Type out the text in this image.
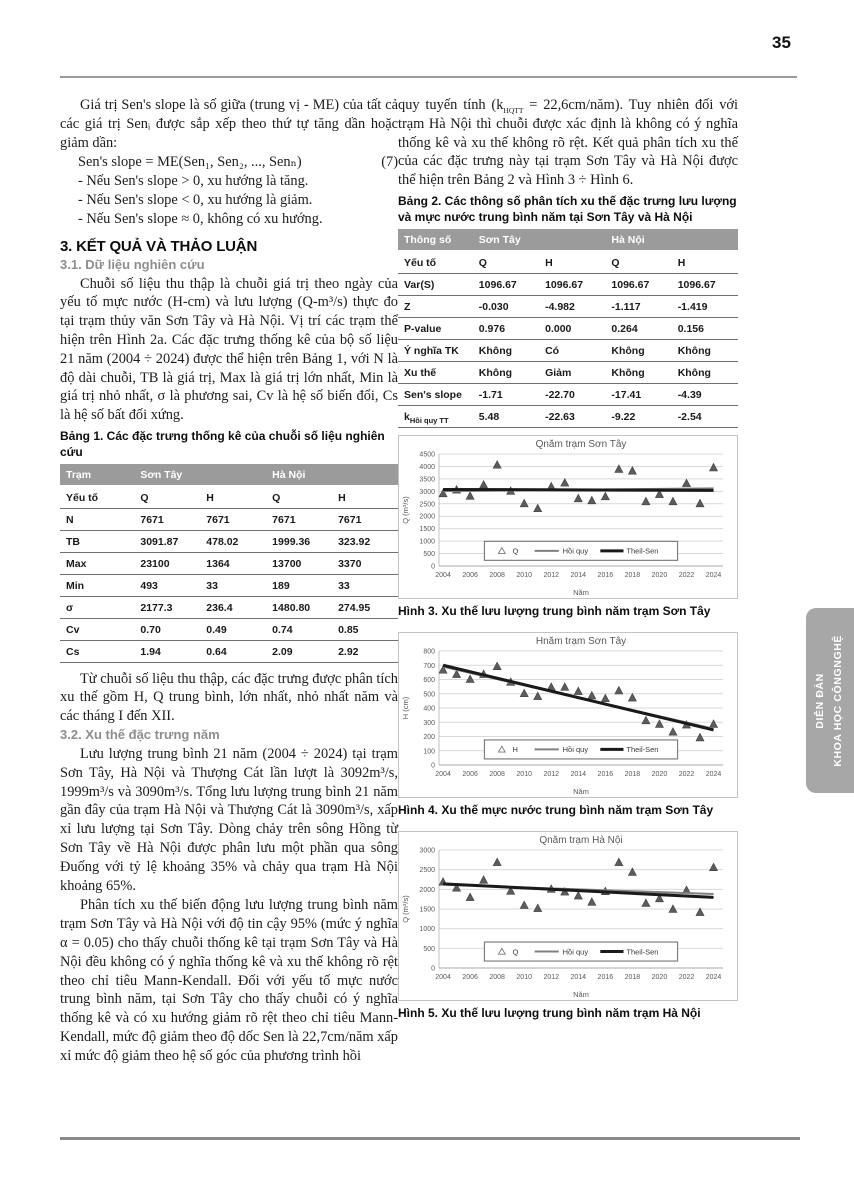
35
DIỄN ĐÀN KHOA HỌC CÔNGNGHỆ

Giá trị Sen's slope là số giữa (trung vị - ME) của tất cả các giá trị Senᵢ được sắp xếp theo thứ tự tăng dần hoặc giảm dần:

Sen's slope = ME(Sen₁, Sen₂, ..., Senₙ)	(7)
- Nếu Sen's slope > 0, xu hướng là tăng.
- Nếu Sen's slope < 0, xu hướng là giảm.
- Nếu Sen's slope ≈ 0, không có xu hướng.
3. KẾT QUẢ VÀ THẢO LUẬN
3.1. Dữ liệu nghiên cứu

Chuỗi số liệu thu thập là chuỗi giá trị theo ngày của yếu tố mực nước (H-cm) và lưu lượng (Q-m³/s) thực đo tại trạm thủy văn Sơn Tây và Hà Nội. Vị trí các trạm thể hiện trên Hình 2a. Các đặc trưng thống kê của bộ số liệu 21 năm (2004 ÷ 2024) được thể hiện trên Bảng 1, với N là độ dài chuỗi, TB là giá trị, Max là giá trị lớn nhất, Min là giá trị nhỏ nhất, σ là phương sai, Cv là hệ số biến đổi, Cs là hệ số bất đối xứng.

Bảng 1. Các đặc trưng thống kê của chuỗi số liệu nghiên cứu
Trạm	Sơn Tây		Hà Nội	
Yếu tố	Q	H	Q	H
N	7671	7671	7671	7671
TB	3091.87	478.02	1999.36	323.92
Max	23100	1364	13700	3370
Min	493	33	189	33
σ	2177.3	236.4	1480.80	274.95
Cv	0.70	0.49	0.74	0.85
Cs	1.94	0.64	2.09	2.92

Từ chuỗi số liệu thu thập, các đặc trưng được phân tích xu thế gồm H, Q trung bình, lớn nhất, nhỏ nhất năm và các tháng I đến XII.

3.2. Xu thế đặc trưng năm

Lưu lượng trung bình 21 năm (2004 ÷ 2024) tại trạm Sơn Tây, Hà Nội và Thượng Cát lần lượt là 3092m³/s, 1999m³/s và 3090m³/s. Tổng lưu lượng trung bình 21 năm gần đây của trạm Hà Nội và Thượng Cát là 3090m³/s, xấp xỉ lưu lượng tại Sơn Tây. Dòng chảy trên sông Hồng từ Sơn Tây về Hà Nội được phân lưu một phần qua sông Đuống với tỷ lệ khoảng 35% và chảy qua trạm Hà Nội khoảng 65%.

Phân tích xu thế biến động lưu lượng trung bình năm trạm Sơn Tây và Hà Nội với độ tin cậy 95% (mức ý nghĩa α = 0.05) cho thấy chuỗi thống kê tại trạm Sơn Tây và Hà Nội đều không có ý nghĩa thống kê và xu thế không rõ rệt theo chỉ tiêu Mann-Kendall. Đối với yếu tố mực nước trung bình năm, tại Sơn Tây cho thấy chuỗi có ý nghĩa thống kê và có xu hướng giảm rõ rệt theo chỉ tiêu Mann-Kendall, mức độ giảm theo độ dốc Sen là 22,7cm/năm xấp xỉ mức độ giảm theo hệ số góc của phương trình hồi

quy tuyến tính ($k_{HQTT}$ = 22,6cm/năm). Tuy nhiên đối với trạm Hà Nội thì chuỗi được xác định là không có ý nghĩa thống kê và xu thế không rõ rệt. Kết quả phân tích xu thế của các đặc trưng này tại trạm Sơn Tây và Hà Nội được thể hiện trên Bảng 2 và Hình 3 ÷ Hình 6.

Bảng 2. Các thông số phân tích xu thế đặc trưng lưu lượng và mực nước trung bình năm tại Sơn Tây và Hà Nội
Thông số	Sơn Tây		Hà Nội	
Yếu tố	Q	H	Q	H
Var(S)	1096.67	1096.67	1096.67	1096.67
Z	-0.030	-4.982	-1.117	-1.419
P-value	0.976	0.000	0.264	0.156
Ý nghĩa TK	Không	Có	Không	Không
Xu thế	Không	Giảm	Không	Không
Sen's slope	-1.71	-22.70	-17.41	-4.39
$k_{Hồi quy TT}$	5.48	-22.63	-9.22	-2.54
0
500
1000
1500
2000
2500
3000
3500
4000
4500
2004 2006 2008 2010 2012 2014 2016 2018 2020 2022 2024
Qnăm trạm Sơn Tây
Năm
Q (m³/s)
Q	Hồi quy	Theil-Sen
Hình 3. Xu thế lưu lượng trung bình năm trạm Sơn Tây
0
100
200
300
400
500
600
700
800
2004 2006 2008 2010 2012 2014 2016 2018 2020 2022 2024
Hnăm trạm Sơn Tây
Năm
H (cm)
H	Hồi quy	Theil-Sen
Hình 4. Xu thế mực nước trung bình năm trạm Sơn Tây
0
500
1000
1500
2000
2500
3000
2004 2006 2008 2010 2012 2014 2016 2018 2020 2022 2024
Qnăm trạm Hà Nội
Năm
Q (m³/s)
Q	Hồi quy	Theil-Sen
Hình 5. Xu thế lưu lượng trung bình năm trạm Hà Nội
